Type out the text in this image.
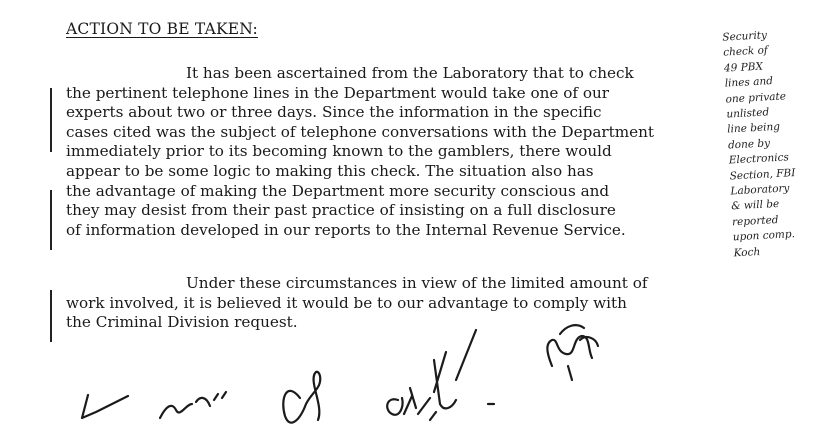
ACTION TO BE TAKEN:
It has been ascertained from the Laboratory that to check
the pertinent telephone lines in the Department would take one of our
experts about two or three days. Since the information in the specific
cases cited was the subject of telephone conversations with the Department
immediately prior to its becoming known to the gamblers, there would
appear to be some logic to making this check. The situation also has
the advantage of making the Department more security conscious and
they may desist from their past practice of insisting on a full disclosure
of information developed in our reports to the Internal Revenue Service.
Under these circumstances in view of the limited amount of
work involved, it is believed it would be to our advantage to comply with
the Criminal Division request.
Security
check of
49 PBX
lines and
one private
unlisted
line being
done by
Electronics
Section, FBI
Laboratory
& will be
reported
upon comp.
Koch
